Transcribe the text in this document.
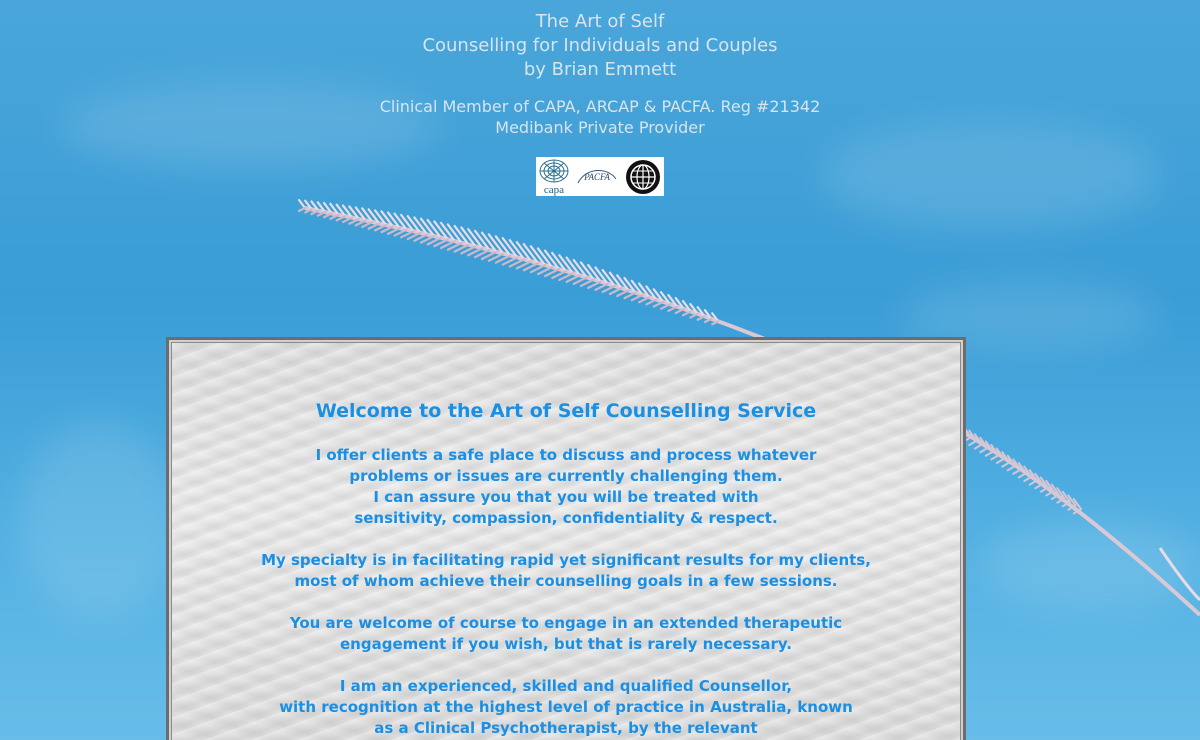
The Art of Self
Counselling for Individuals and Couples
by Brian Emmett
Clinical Member of CAPA, ARCAP & PACFA. Reg #21342
Medibank Private Provider
capa
PACFA
Welcome to the Art of Self Counselling Service

I offer clients a safe place to discuss and process whatever
problems or issues are currently challenging them.
I can assure you that you will be treated with
sensitivity, compassion, confidentiality & respect.

My specialty is in facilitating rapid yet significant results for my clients,
most of whom achieve their counselling goals in a few sessions.

You are welcome of course to engage in an extended therapeutic
engagement if you wish, but that is rarely necessary.

I am an experienced, skilled and qualified Counsellor,
with recognition at the highest level of practice in Australia, known
as a Clinical Psychotherapist, by the relevant
